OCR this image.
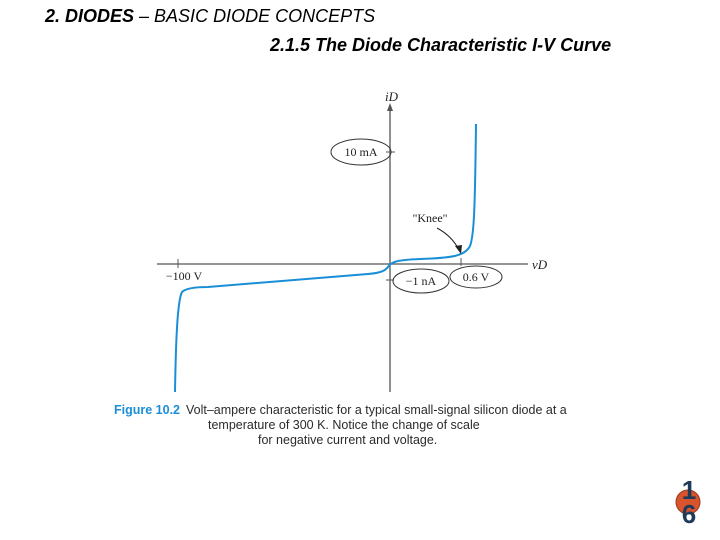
2. DIODES – BASIC DIODE CONCEPTS
2.1.5 The Diode Characteristic I-V Curve
iD
vD
10 mA
"Knee"
−1 nA 0.6 V
−100 V
Figure 10.2 Volt–ampere characteristic for a typical small-signal silicon diode at a
temperature of 300 K. Notice the change of scale
for negative current and voltage.
1
6
